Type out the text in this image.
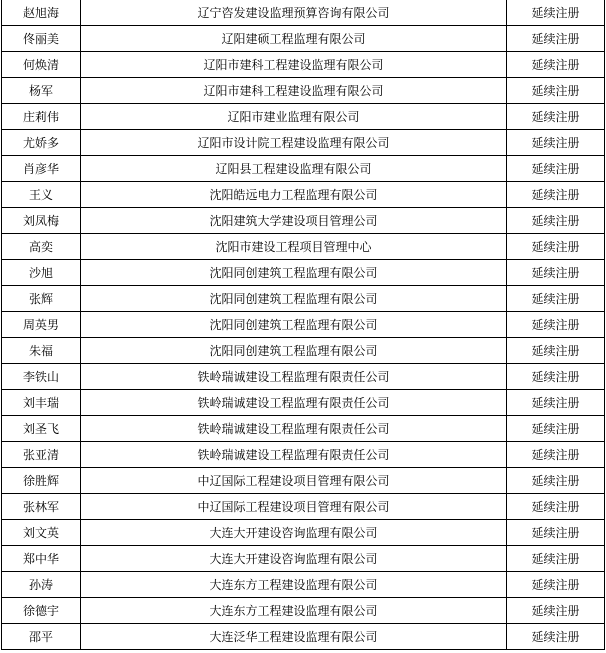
赵旭海	辽宁咨发建设监理预算咨询有限公司	延续注册
佟丽美	辽阳建硕工程监理有限公司	延续注册
何焕清	辽阳市建科工程建设监理有限公司	延续注册
杨军	辽阳市建科工程建设监理有限公司	延续注册
庄莉伟	辽阳市建业监理有限公司	延续注册
尤娇多	辽阳市设计院工程建设监理有限公司	延续注册
肖彦华	辽阳县工程建设监理有限公司	延续注册
王义	沈阳皓远电力工程监理有限公司	延续注册
刘凤梅	沈阳建筑大学建设项目管理公司	延续注册
高奕	沈阳市建设工程项目管理中心	延续注册
沙旭	沈阳同创建筑工程监理有限公司	延续注册
张辉	沈阳同创建筑工程监理有限公司	延续注册
周英男	沈阳同创建筑工程监理有限公司	延续注册
朱福	沈阳同创建筑工程监理有限公司	延续注册
李铁山	铁岭瑞诚建设工程监理有限责任公司	延续注册
刘丰瑞	铁岭瑞诚建设工程监理有限责任公司	延续注册
刘圣飞	铁岭瑞诚建设工程监理有限责任公司	延续注册
张亚清	铁岭瑞诚建设工程监理有限责任公司	延续注册
徐胜辉	中辽国际工程建设项目管理有限公司	延续注册
张林军	中辽国际工程建设项目管理有限公司	延续注册
刘文英	大连大开建设咨询监理有限公司	延续注册
郑中华	大连大开建设咨询监理有限公司	延续注册
孙涛	大连东方工程建设监理有限公司	延续注册
徐德宇	大连东方工程建设监理有限公司	延续注册
邵平	大连泛华工程建设监理有限公司	延续注册
